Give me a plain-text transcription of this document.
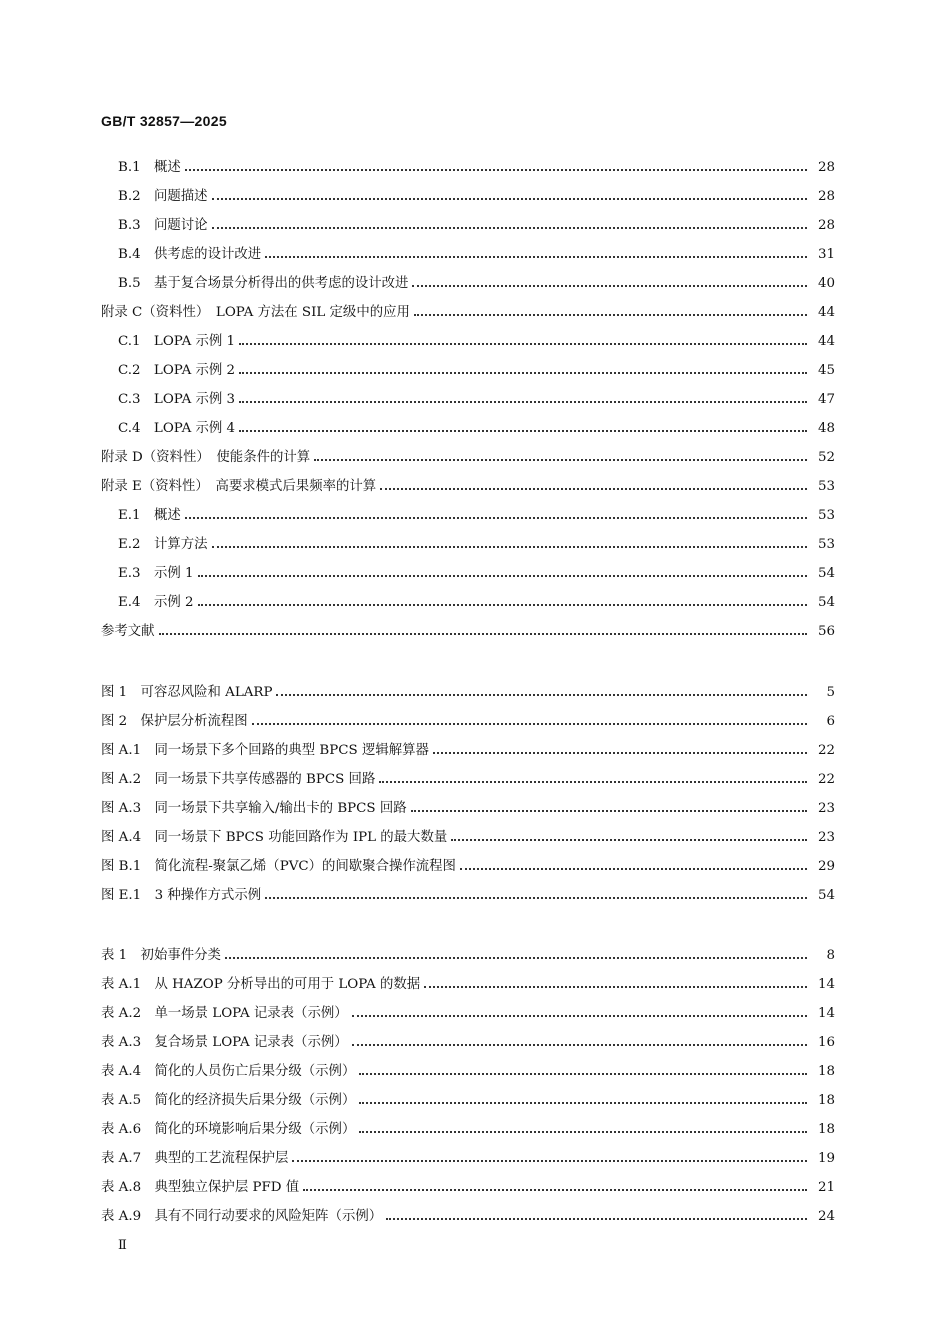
GB/T 32857—2025
B.1　概述	28
B.2　问题描述	28
B.3　问题讨论	28
B.4　供考虑的设计改进	31
B.5　基于复合场景分析得出的供考虑的设计改进	40
附录 C（资料性）　LOPA 方法在 SIL 定级中的应用	44
C.1　LOPA 示例 1	44
C.2　LOPA 示例 2	45
C.3　LOPA 示例 3	47
C.4　LOPA 示例 4	48
附录 D（资料性）　使能条件的计算	52
附录 E（资料性）　高要求模式后果频率的计算	53
E.1　概述	53
E.2　计算方法	53
E.3　示例 1	54
E.4　示例 2	54
参考文献	56
图 1　可容忍风险和 ALARP	5
图 2　保护层分析流程图	6
图 A.1　同一场景下多个回路的典型 BPCS 逻辑解算器	22
图 A.2　同一场景下共享传感器的 BPCS 回路	22
图 A.3　同一场景下共享输入/输出卡的 BPCS 回路	23
图 A.4　同一场景下 BPCS 功能回路作为 IPL 的最大数量	23
图 B.1　简化流程-聚氯乙烯（PVC）的间歇聚合操作流程图	29
图 E.1　3 种操作方式示例	54
表 1　初始事件分类	8
表 A.1　从 HAZOP 分析导出的可用于 LOPA 的数据	14
表 A.2　单一场景 LOPA 记录表（示例）	14
表 A.3　复合场景 LOPA 记录表（示例）	16
表 A.4　简化的人员伤亡后果分级（示例）	18
表 A.5　简化的经济损失后果分级（示例）	18
表 A.6　简化的环境影响后果分级（示例）	18
表 A.7　典型的工艺流程保护层	19
表 A.8　典型独立保护层 PFD 值	21
表 A.9　具有不同行动要求的风险矩阵（示例）	24
Ⅱ
